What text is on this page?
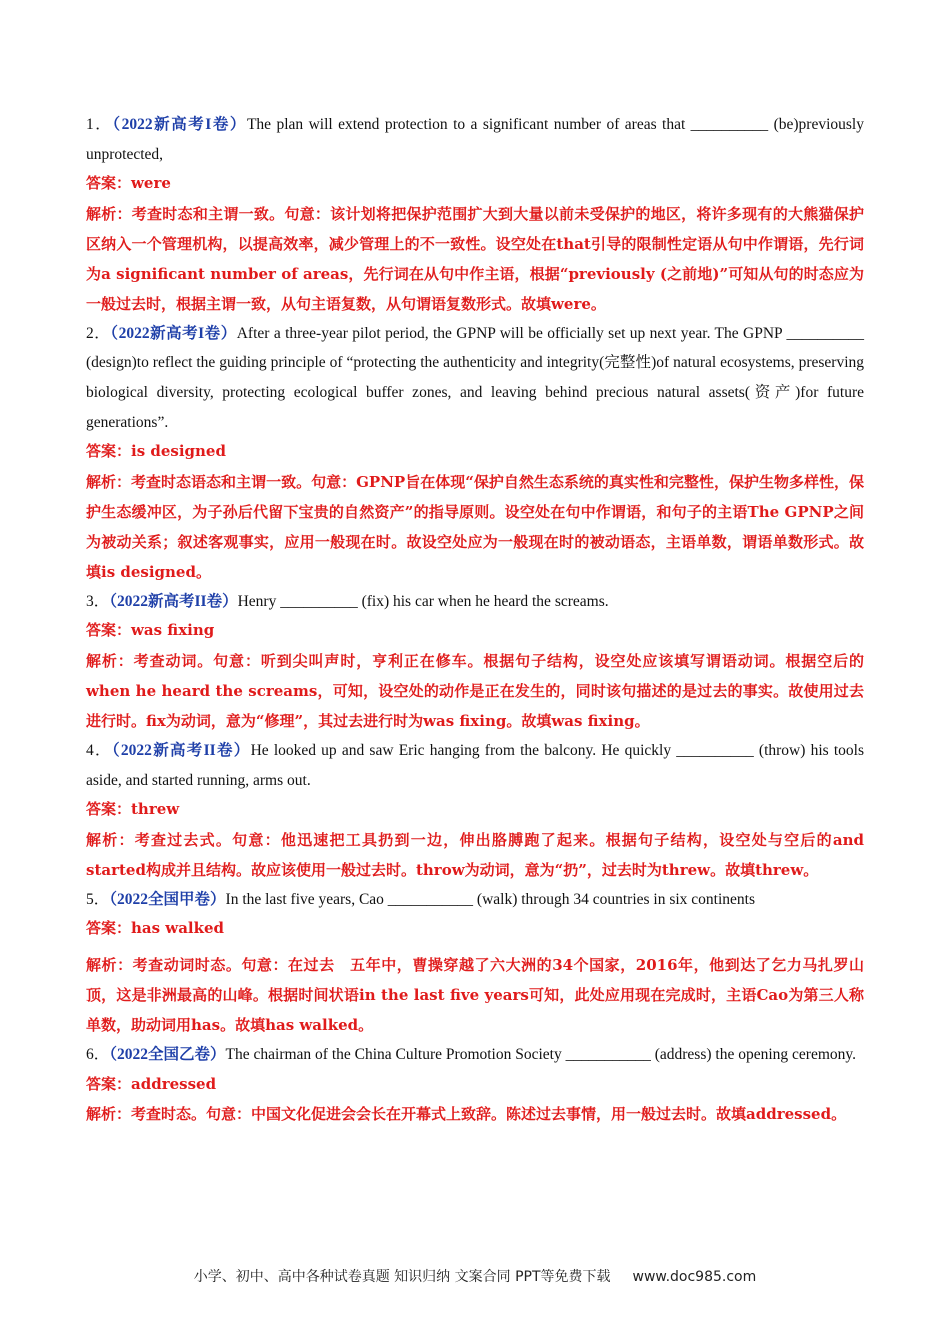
1．（2022新高考I卷）The plan will extend protection to a significant number of areas that __________ (be)previously unprotected,
答案：were
解析：考查时态和主谓一致。句意：该计划将把保护范围扩大到大量以前未受保护的地区，将许多现有的大熊猫保护区纳入一个管理机构，以提高效率，减少管理上的不一致性。设空处在that引导的限制性定语从句中作谓语，先行词为a significant number of areas，先行词在从句中作主语，根据“previously (之前地)”可知从句的时态应为一般过去时，根据主谓一致，从句主语复数，从句谓语复数形式。故填were。
2．（2022新高考I卷）After a three-year pilot period, the GPNP will be officially set up next year. The GPNP __________ (design)to reflect the guiding principle of “protecting the authenticity and integrity(完整性)of natural ecosystems, preserving biological diversity, protecting ecological buffer zones, and leaving behind precious natural assets(资产)for future generations”.
答案：is designed
解析：考查时态语态和主谓一致。句意：GPNP旨在体现“保护自然生态系统的真实性和完整性，保护生物多样性，保护生态缓冲区，为子孙后代留下宝贵的自然资产”的指导原则。设空处在句中作谓语，和句子的主语The GPNP之间为被动关系；叙述客观事实，应用一般现在时。故设空处应为一般现在时的被动语态，主语单数，谓语单数形式。故填is designed。
3．（2022新高考II卷）Henry __________ (fix) his car when he heard the screams.
答案：was fixing
解析：考查动词。句意：听到尖叫声时，亨利正在修车。根据句子结构，设空处应该填写谓语动词。根据空后的when he heard the screams，可知，设空处的动作是正在发生的，同时该句描述的是过去的事实。故使用过去进行时。fix为动词，意为“修理”，其过去进行时为was fixing。故填was fixing。
4．（2022新高考II卷）He looked up and saw Eric hanging from the balcony. He quickly __________ (throw) his tools aside, and started running, arms out.
答案：threw
解析：考查过去式。句意：他迅速把工具扔到一边，伸出胳膊跑了起来。根据句子结构，设空处与空后的and started构成并且结构。故应该使用一般过去时。throw为动词，意为“扔”，过去时为threw。故填threw。
5．（2022全国甲卷）In the last five years, Cao ___________ (walk) through 34 countries in six continents
答案：has walked
解析：考查动词时态。句意：在过去　五年中，曹操穿越了六大洲的34个国家，2016年，他到达了乞力马扎罗山顶，这是非洲最高的山峰。根据时间状语in the last five years可知，此处应用现在完成时，主语Cao为第三人称单数，助动词用has。故填has walked。
6．（2022全国乙卷）The chairman of the China Culture Promotion Society ___________ (address) the opening ceremony.
答案：addressed
解析：考查时态。句意：中国文化促进会会长在开幕式上致辞。陈述过去事情，用一般过去时。故填addressed。
小学、初中、高中各种试卷真题 知识归纳 文案合同 PPT等免费下载 www.doc985.com
